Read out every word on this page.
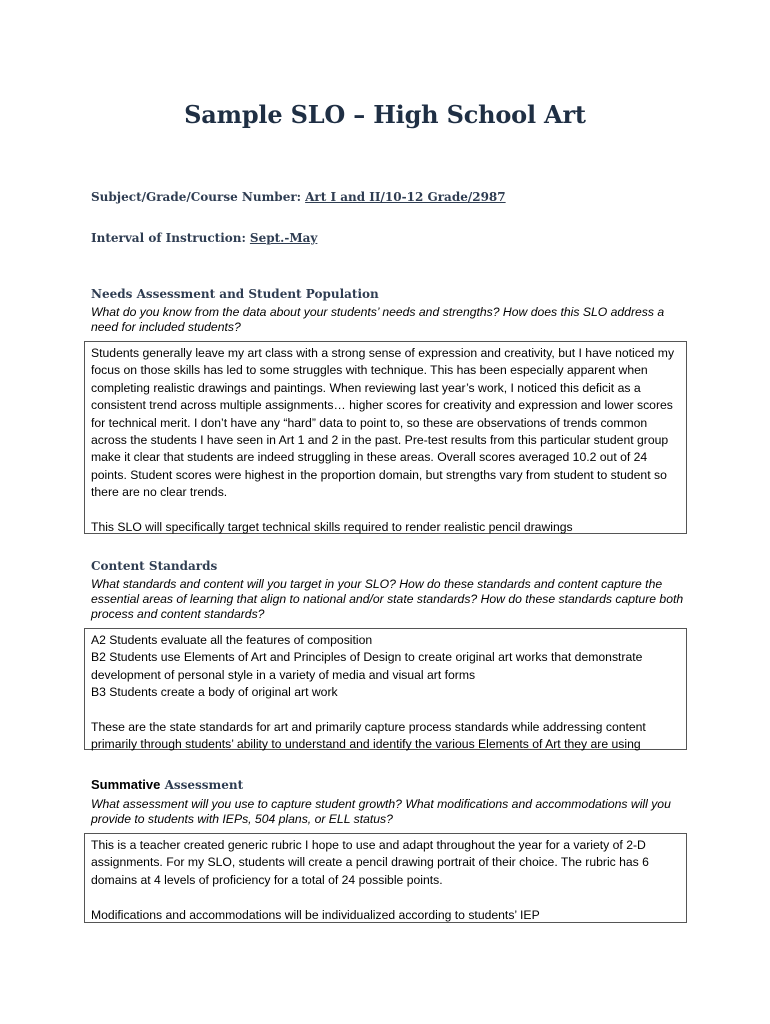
Sample SLO – High School Art
Subject/Grade/Course Number: Art I and II/10-12 Grade/2987
Interval of Instruction: Sept.-May
Needs Assessment and Student Population
What do you know from the data about your students’ needs and strengths? How does this SLO address a need for included students?

Students generally leave my art class with a strong sense of expression and creativity, but I have noticed my focus on those skills has led to some struggles with technique. This has been especially apparent when completing realistic drawings and paintings. When reviewing last year’s work, I noticed this deficit as a consistent trend across multiple assignments… higher scores for creativity and expression and lower scores for technical merit. I don’t have any “hard” data to point to, so these are observations of trends common across the students I have seen in Art 1 and 2 in the past. Pre-test results from this particular student group make it clear that students are indeed struggling in these areas. Overall scores averaged 10.2 out of 24 points. Student scores were highest in the proportion domain, but strengths vary from student to student so there are no clear trends.

This SLO will specifically target technical skills required to render realistic pencil drawings

Content Standards
What standards and content will you target in your SLO? How do these standards and content capture the essential areas of learning that align to national and/or state standards? How do these standards capture both process and content standards?

A2 Students evaluate all the features of composition

B2 Students use Elements of Art and Principles of Design to create original art works that demonstrate development of personal style in a variety of media and visual art forms

B3 Students create a body of original art work

These are the state standards for art and primarily capture process standards while addressing content primarily through students’ ability to understand and identify the various Elements of Art they are using

Summative Assessment
What assessment will you use to capture student growth? What modifications and accommodations will you provide to students with IEPs, 504 plans, or ELL status?

This is a teacher created generic rubric I hope to use and adapt throughout the year for a variety of 2-D assignments. For my SLO, students will create a pencil drawing portrait of their choice. The rubric has 6 domains at 4 levels of proficiency for a total of 24 possible points.

Modifications and accommodations will be individualized according to students’ IEP
